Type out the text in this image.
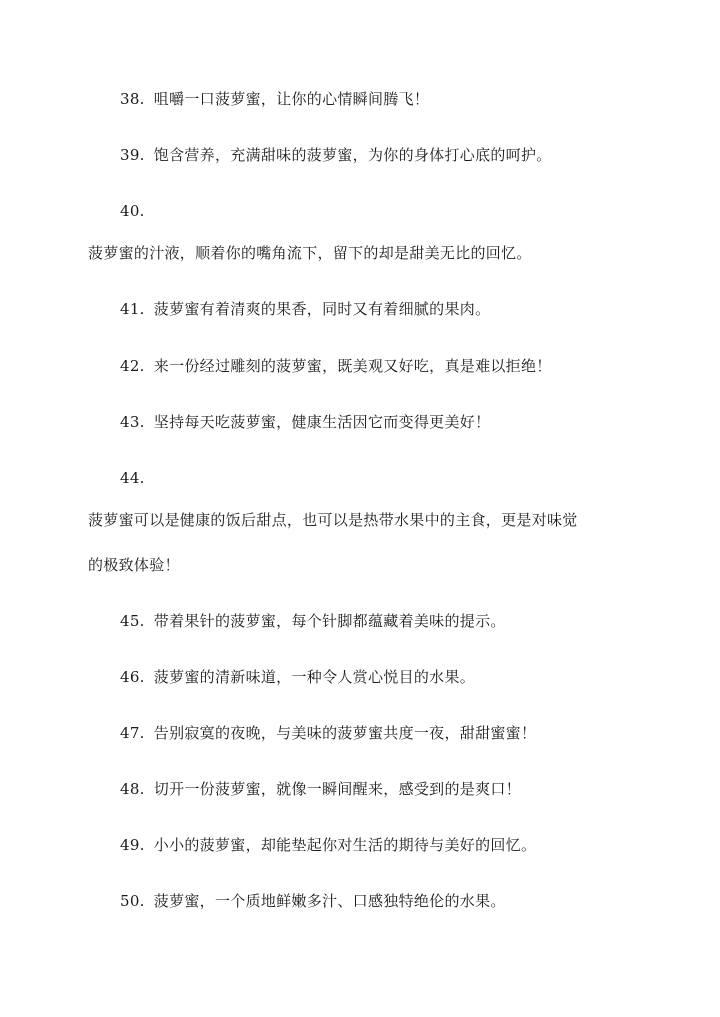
38. 咀嚼一口菠萝蜜，让你的心情瞬间腾飞！
39. 饱含营养，充满甜味的菠萝蜜，为你的身体打心底的呵护。
40.
菠萝蜜的汁液，顺着你的嘴角流下，留下的却是甜美无比的回忆。
41. 菠萝蜜有着清爽的果香，同时又有着细腻的果肉。
42. 来一份经过雕刻的菠萝蜜，既美观又好吃，真是难以拒绝！
43. 坚持每天吃菠萝蜜，健康生活因它而变得更美好！
44.
菠萝蜜可以是健康的饭后甜点，也可以是热带水果中的主食，更是对味觉
的极致体验！
45. 带着果针的菠萝蜜，每个针脚都蕴藏着美味的提示。
46. 菠萝蜜的清新味道，一种令人赏心悦目的水果。
47. 告别寂寞的夜晚，与美味的菠萝蜜共度一夜，甜甜蜜蜜！
48. 切开一份菠萝蜜，就像一瞬间醒来，感受到的是爽口！
49. 小小的菠萝蜜，却能垫起你对生活的期待与美好的回忆。
50. 菠萝蜜，一个质地鲜嫩多汁、口感独特绝伦的水果。
